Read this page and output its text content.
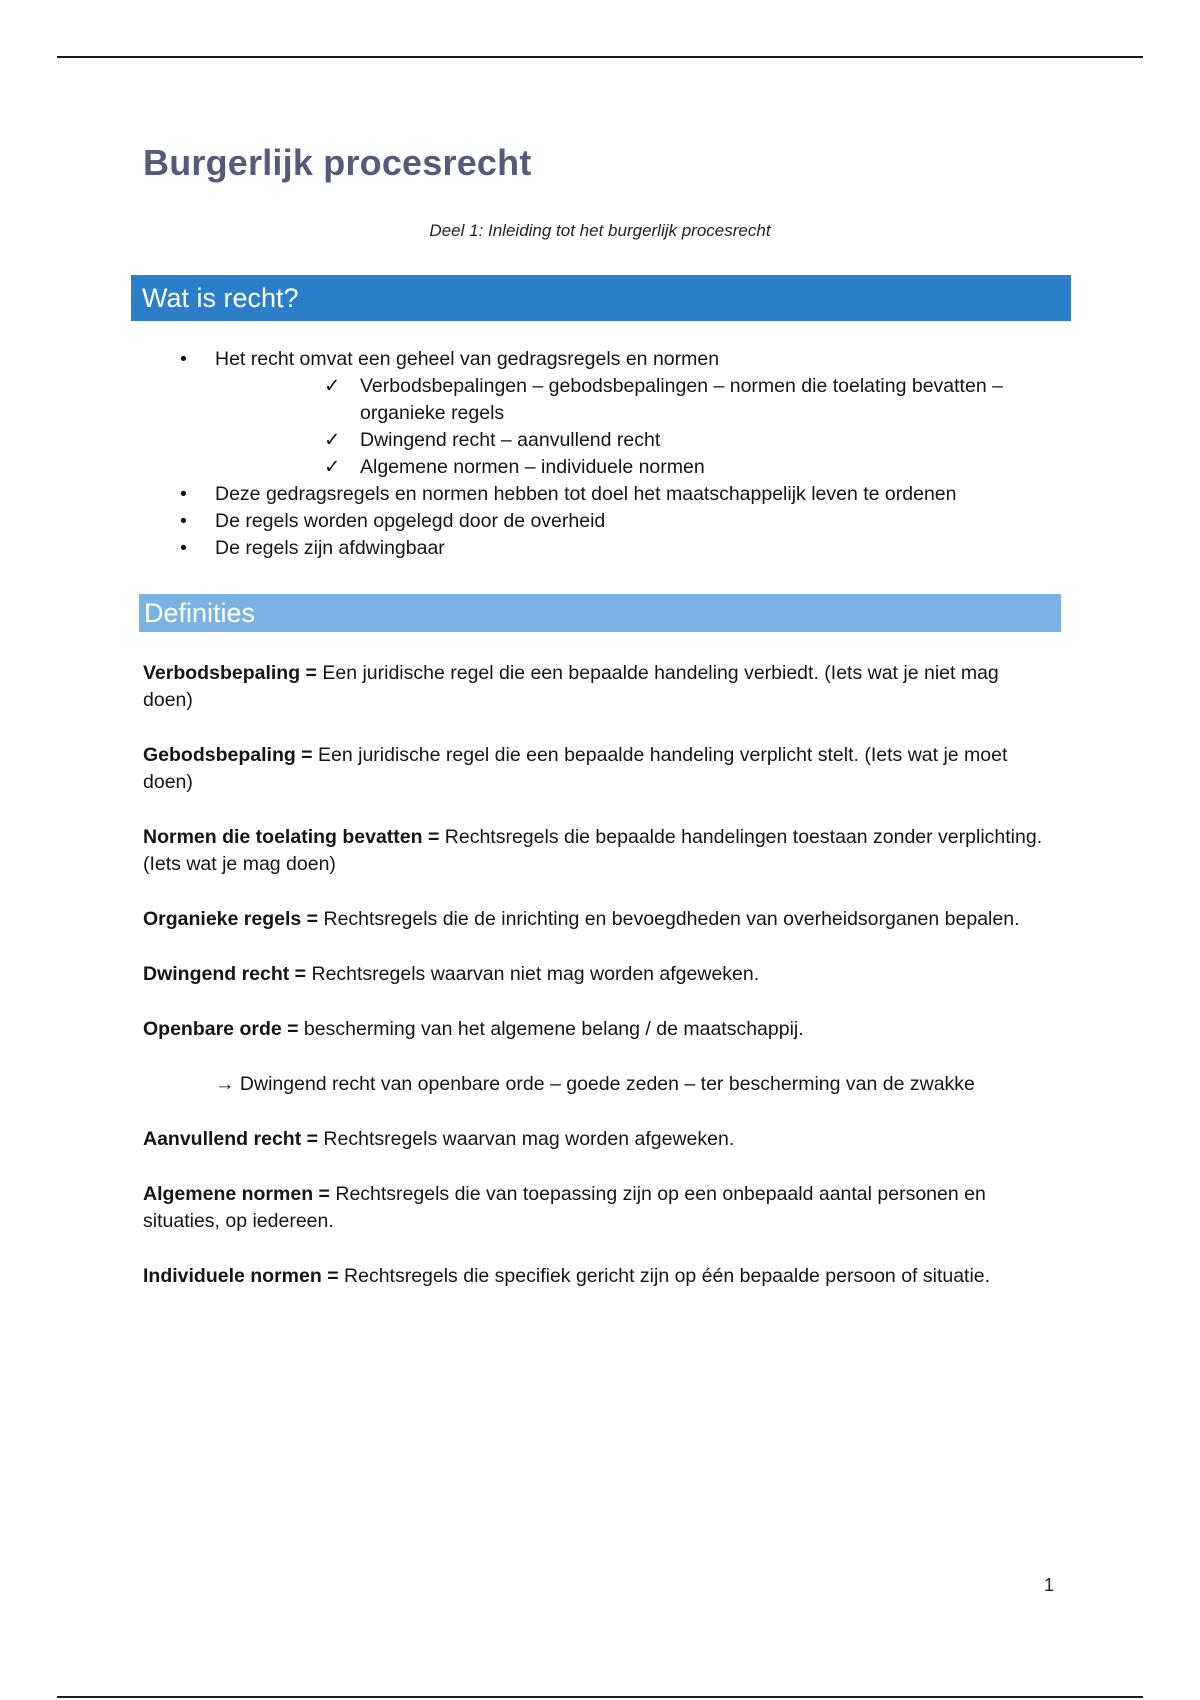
Burgerlijk procesrecht
Deel 1: Inleiding tot het burgerlijk procesrecht
Wat is recht?
• Het recht omvat een geheel van gedragsregels en normen
✓ Verbodsbepalingen – gebodsbepalingen – normen die toelating bevatten – organieke regels
✓ Dwingend recht – aanvullend recht
✓ Algemene normen – individuele normen
• Deze gedragsregels en normen hebben tot doel het maatschappelijk leven te ordenen
• De regels worden opgelegd door de overheid
• De regels zijn afdwingbaar
Definities

Verbodsbepaling = Een juridische regel die een bepaalde handeling verbiedt. (Iets wat je niet mag doen)

Gebodsbepaling = Een juridische regel die een bepaalde handeling verplicht stelt. (Iets wat je moet doen)

Normen die toelating bevatten = Rechtsregels die bepaalde handelingen toestaan zonder verplichting. (Iets wat je mag doen)

Organieke regels = Rechtsregels die de inrichting en bevoegdheden van overheidsorganen bepalen.

Dwingend recht = Rechtsregels waarvan niet mag worden afgeweken.

Openbare orde = bescherming van het algemene belang / de maatschappij.

→ Dwingend recht van openbare orde – goede zeden – ter bescherming van de zwakke

Aanvullend recht = Rechtsregels waarvan mag worden afgeweken.

Algemene normen = Rechtsregels die van toepassing zijn op een onbepaald aantal personen en situaties, op iedereen.

Individuele normen = Rechtsregels die specifiek gericht zijn op één bepaalde persoon of situatie.

1
